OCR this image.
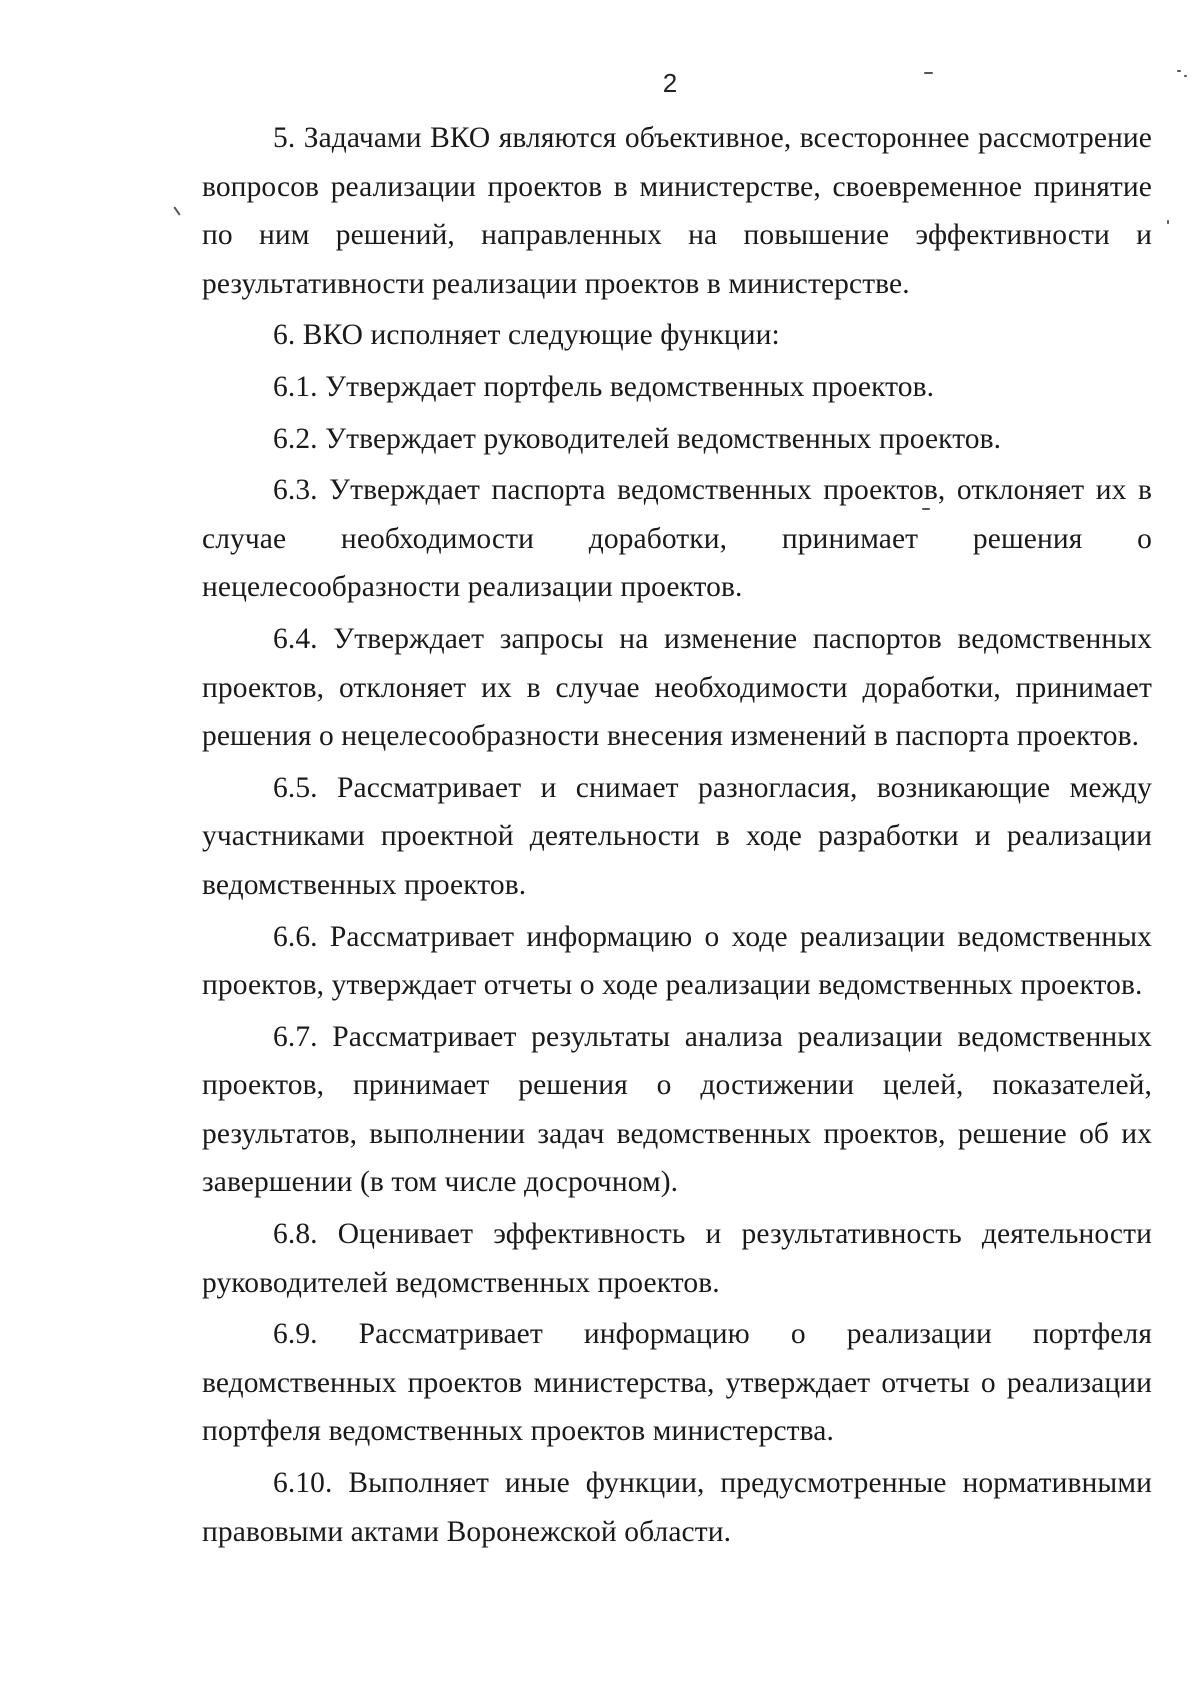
2

5. Задачами ВКО являются объективное, всестороннее рассмотрение вопросов реализации проектов в министерстве, своевременное принятие по ним решений, направленных на повышение эффективности и результативности реализации проектов в министерстве.

6. ВКО исполняет следующие функции:

6.1. Утверждает портфель ведомственных проектов.

6.2. Утверждает руководителей ведомственных проектов.

6.3. Утверждает паспорта ведомственных проектов, отклоняет их в случае необходимости доработки, принимает решения о нецелесообразности реализации проектов.

6.4. Утверждает запросы на изменение паспортов ведомственных проектов, отклоняет их в случае необходимости доработки, принимает решения о нецелесообразности внесения изменений в паспорта проектов.

6.5. Рассматривает и снимает разногласия, возникающие между участниками проектной деятельности в ходе разработки и реализации ведомственных проектов.

6.6. Рассматривает информацию о ходе реализации ведомственных проектов, утверждает отчеты о ходе реализации ведомственных проектов.

6.7. Рассматривает результаты анализа реализации ведомственных проектов, принимает решения о достижении целей, показателей, результатов, выполнении задач ведомственных проектов, решение об их завершении (в том числе досрочном).

6.8. Оценивает эффективность и результативность деятельности руководителей ведомственных проектов.

6.9. Рассматривает информацию о реализации портфеля ведомственных проектов министерства, утверждает отчеты о реализации портфеля ведомственных проектов министерства.

6.10. Выполняет иные функции, предусмотренные нормативными правовыми актами Воронежской области.
